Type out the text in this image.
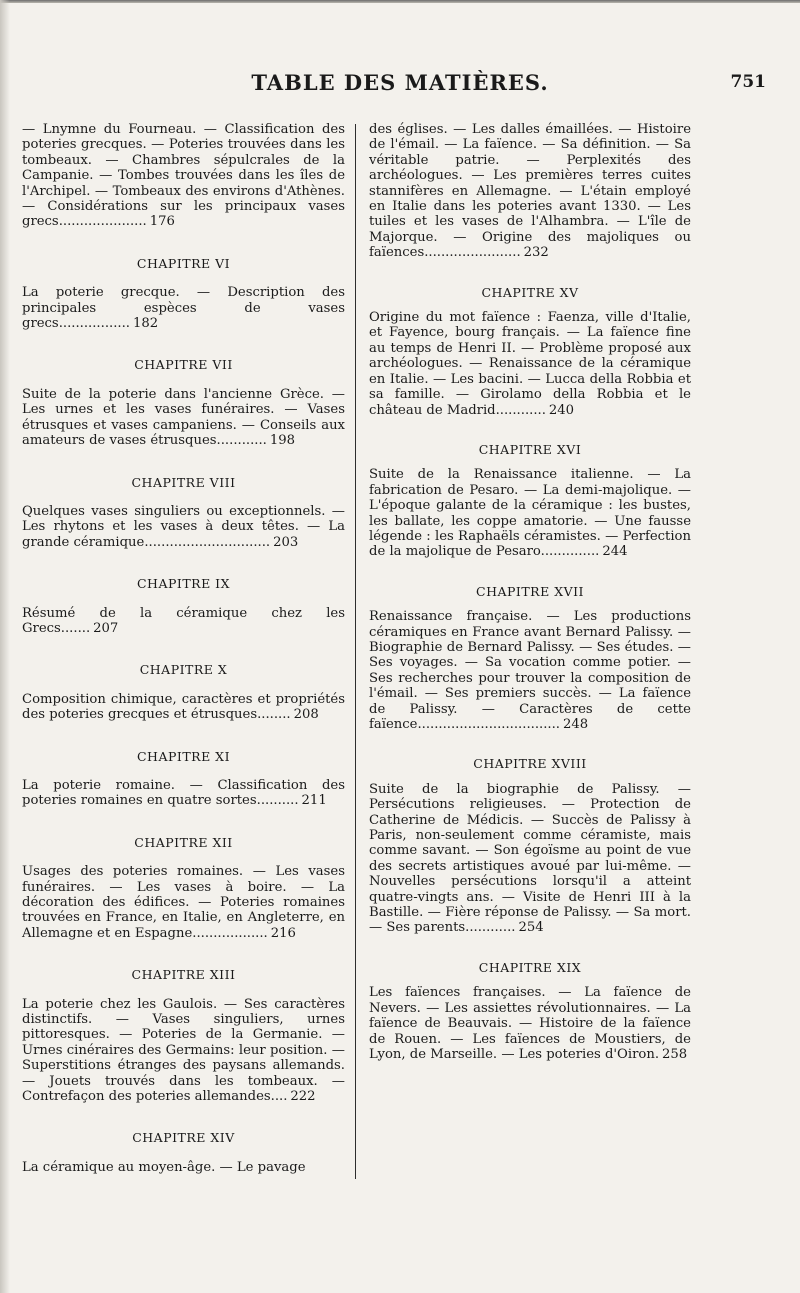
TABLE DES MATIÈRES.	751

— Lnymne du Fourneau. — Classification des poteries grecques. — Poteries trouvées dans les tombeaux. — Chambres sépulcrales de la Campanie. — Tombes trouvées dans les îles de l'Archipel. — Tombeaux des environs d'Athènes. — Considérations sur les principaux vases grecs..................... 176

CHAPITRE VI

La poterie grecque. — Description des principales espèces de vases grecs................. 182

CHAPITRE VII

Suite de la poterie dans l'ancienne Grèce. — Les urnes et les vases funéraires. — Vases étrusques et vases campaniens. — Conseils aux amateurs de vases étrusques............ 198

CHAPITRE VIII

Quelques vases singuliers ou exceptionnels. — Les rhytons et les vases à deux têtes. — La grande céramique.............................. 203

CHAPITRE IX

Résumé de la céramique chez les Grecs....... 207

CHAPITRE X

Composition chimique, caractères et propriétés des poteries grecques et étrusques........ 208

CHAPITRE XI

La poterie romaine. — Classification des poteries romaines en quatre sortes.......... 211

CHAPITRE XII

Usages des poteries romaines. — Les vases funéraires. — Les vases à boire. — La décoration des édifices. — Poteries romaines trouvées en France, en Italie, en Angleterre, en Allemagne et en Espagne.................. 216

CHAPITRE XIII

La poterie chez les Gaulois. — Ses caractères distinctifs. — Vases singuliers, urnes pittoresques. — Poteries de la Germanie. — Urnes cinéraires des Germains: leur position. — Superstitions étranges des paysans allemands. — Jouets trouvés dans les tombeaux. — Contrefaçon des poteries allemandes.... 222

CHAPITRE XIV

La céramique au moyen-âge. — Le pavage

des églises. — Les dalles émaillées. — Histoire de l'émail. — La faïence. — Sa définition. — Sa véritable patrie. — Perplexités des archéologues. — Les premières terres cuites stannifères en Allemagne. — L'étain employé en Italie dans les poteries avant 1330. — Les tuiles et les vases de l'Alhambra. — L'île de Majorque. — Origine des majoliques ou faïences....................... 232

CHAPITRE XV

Origine du mot faïence : Faenza, ville d'Italie, et Fayence, bourg français. — La faïence fine au temps de Henri II. — Problème proposé aux archéologues. — Renaissance de la céramique en Italie. — Les bacini. — Lucca della Robbia et sa famille. — Girolamo della Robbia et le château de Madrid............ 240

CHAPITRE XVI

Suite de la Renaissance italienne. — La fabrication de Pesaro. — La demi-majolique. — L'époque galante de la céramique : les bustes, les ballate, les coppe amatorie. — Une fausse légende : les Raphaëls céramistes. — Perfection de la majolique de Pesaro.............. 244

CHAPITRE XVII

Renaissance française. — Les productions céramiques en France avant Bernard Palissy. — Biographie de Bernard Palissy. — Ses études. — Ses voyages. — Sa vocation comme potier. — Ses recherches pour trouver la composition de l'émail. — Ses premiers succès. — La faïence de Palissy. — Caractères de cette faïence.................................. 248

CHAPITRE XVIII

Suite de la biographie de Palissy. — Persécutions religieuses. — Protection de Catherine de Médicis. — Succès de Palissy à Paris, non-seulement comme céramiste, mais comme savant. — Son égoïsme au point de vue des secrets artistiques avoué par lui-même. — Nouvelles persécutions lorsqu'il a atteint quatre-vingts ans. — Visite de Henri III à la Bastille. — Fière réponse de Palissy. — Sa mort. — Ses parents............ 254

CHAPITRE XIX

Les faïences françaises. — La faïence de Nevers. — Les assiettes révolutionnaires. — La faïence de Beauvais. — Histoire de la faïence de Rouen. — Les faïences de Moustiers, de Lyon, de Marseille. — Les poteries d'Oiron. 258
